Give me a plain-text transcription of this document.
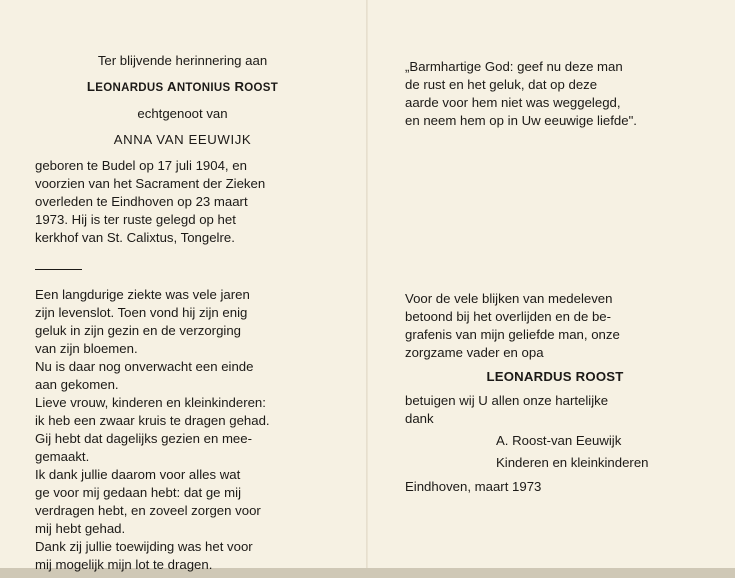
Ter blijvende herinnering aan
LEONARDUS ANTONIUS ROOST
echtgenoot van
ANNA VAN EEUWIJK
geboren te Budel op 17 juli 1904, en
voorzien van het Sacrament der Zieken
overleden te Eindhoven op 23 maart
1973. Hij is ter ruste gelegd op het
kerkhof van St. Calixtus, Tongelre.
Een langdurige ziekte was vele jaren
zijn levenslot. Toen vond hij zijn enig
geluk in zijn gezin en de verzorging
van zijn bloemen.
Nu is daar nog onverwacht een einde
aan gekomen.
Lieve vrouw, kinderen en kleinkinderen:
ik heb een zwaar kruis te dragen gehad.
Gij hebt dat dagelijks gezien en mee-
gemaakt.
Ik dank jullie daarom voor alles wat
ge voor mij gedaan hebt: dat ge mij
verdragen hebt, en zoveel zorgen voor
mij hebt gehad.
Dank zij jullie toewijding was het voor
mij mogelijk mijn lot te dragen.
„Barmhartige God: geef nu deze man
de rust en het geluk, dat op deze
aarde voor hem niet was weggelegd,
en neem hem op in Uw eeuwige liefde".
Voor de vele blijken van medeleven
betoond bij het overlijden en de be-
grafenis van mijn geliefde man, onze
zorgzame vader en opa
LEONARDUS ROOST
betuigen wij U allen onze hartelijke
dank
A. Roost-van Eeuwijk
Kinderen en kleinkinderen
Eindhoven, maart 1973
